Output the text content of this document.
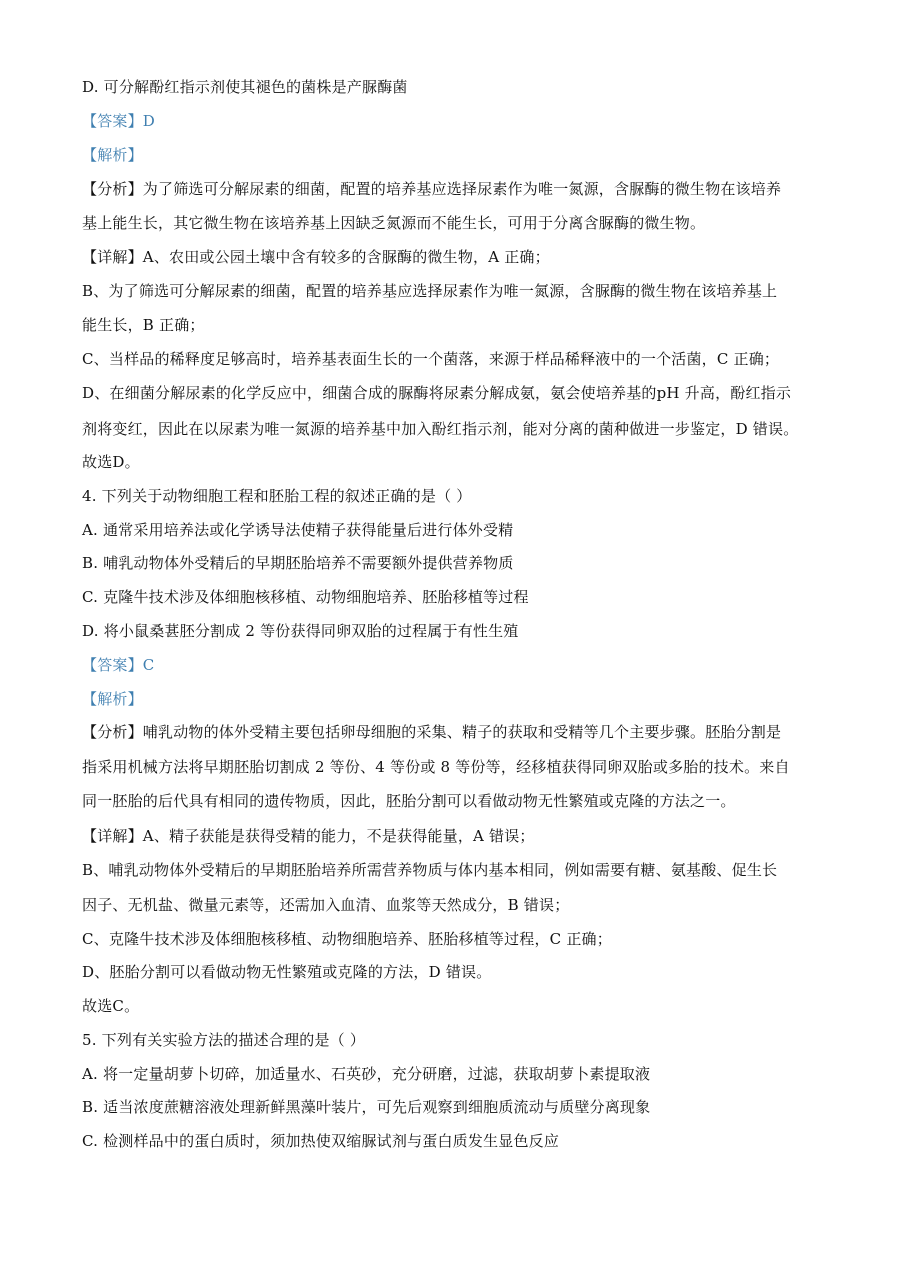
D. 可分解酚红指示剂使其褪色的菌株是产脲酶菌
【答案】D
【解析】
【分析】为了筛选可分解尿素的细菌，配置的培养基应选择尿素作为唯一氮源，含脲酶的微生物在该培养
基上能生长，其它微生物在该培养基上因缺乏氮源而不能生长，可用于分离含脲酶的微生物。
【详解】A、农田或公园土壤中含有较多的含脲酶的微生物，A 正确；
B、为了筛选可分解尿素的细菌，配置的培养基应选择尿素作为唯一氮源，含脲酶的微生物在该培养基上
能生长，B 正确；
C、当样品的稀释度足够高时，培养基表面生长的一个菌落，来源于样品稀释液中的一个活菌，C 正确；
D、在细菌分解尿素的化学反应中，细菌合成的脲酶将尿素分解成氨，氨会使培养基的pH 升高，酚红指示
剂将变红，因此在以尿素为唯一氮源的培养基中加入酚红指示剂，能对分离的菌种做进一步鉴定，D 错误。
故选D。
4. 下列关于动物细胞工程和胚胎工程的叙述正确的是（ ）
A. 通常采用培养法或化学诱导法使精子获得能量后进行体外受精
B. 哺乳动物体外受精后的早期胚胎培养不需要额外提供营养物质
C. 克隆牛技术涉及体细胞核移植、动物细胞培养、胚胎移植等过程
D. 将小鼠桑葚胚分割成 2 等份获得同卵双胎的过程属于有性生殖
【答案】C
【解析】
【分析】哺乳动物的体外受精主要包括卵母细胞的采集、精子的获取和受精等几个主要步骤。胚胎分割是
指采用机械方法将早期胚胎切割成 2 等份、4 等份或 8 等份等，经移植获得同卵双胎或多胎的技术。来自
同一胚胎的后代具有相同的遗传物质，因此，胚胎分割可以看做动物无性繁殖或克隆的方法之一。
【详解】A、精子获能是获得受精的能力，不是获得能量，A 错误；
B、哺乳动物体外受精后的早期胚胎培养所需营养物质与体内基本相同，例如需要有糖、氨基酸、促生长
因子、无机盐、微量元素等，还需加入血清、血浆等天然成分，B 错误；
C、克隆牛技术涉及体细胞核移植、动物细胞培养、胚胎移植等过程，C 正确；
D、胚胎分割可以看做动物无性繁殖或克隆的方法，D 错误。
故选C。
5. 下列有关实验方法的描述合理的是（ ）
A. 将一定量胡萝卜切碎，加适量水、石英砂，充分研磨，过滤，获取胡萝卜素提取液
B. 适当浓度蔗糖溶液处理新鲜黑藻叶装片，可先后观察到细胞质流动与质壁分离现象
C. 检测样品中的蛋白质时，须加热使双缩脲试剂与蛋白质发生显色反应
